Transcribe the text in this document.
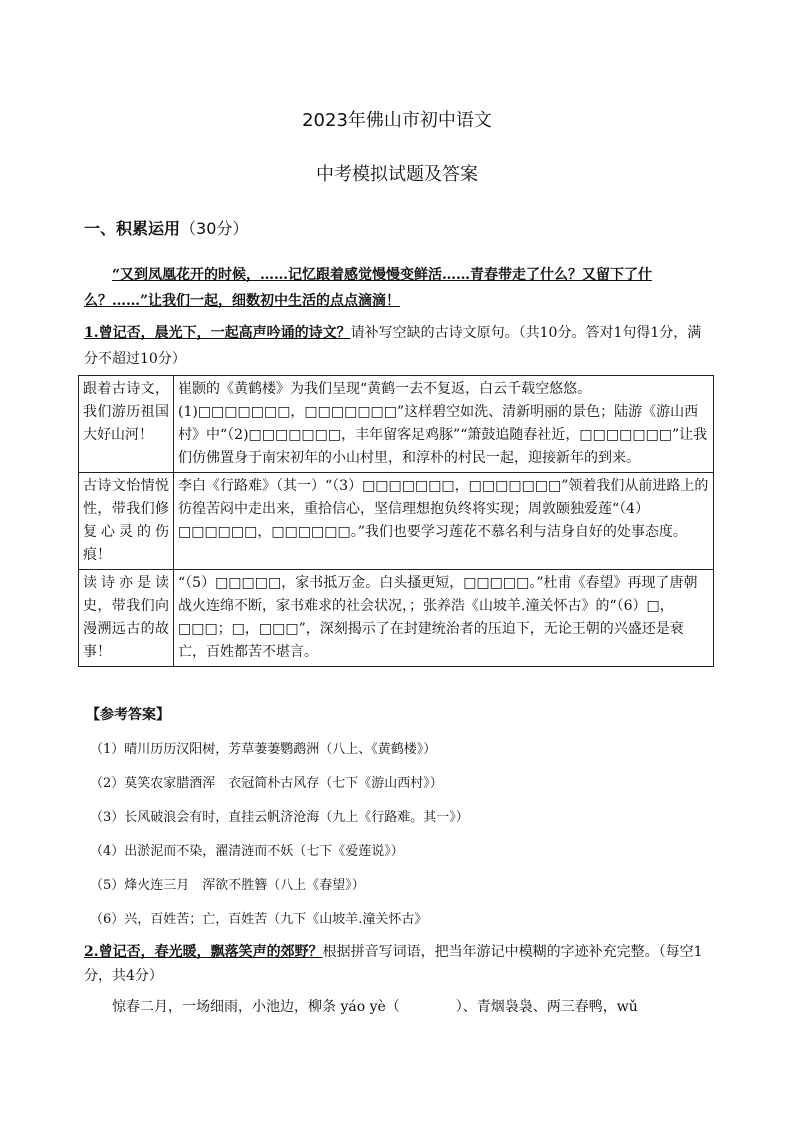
2023年佛山市初中语文
中考模拟试题及答案
一、积累运用（30分）
“又到凤凰花开的时候，……记忆跟着感觉慢慢变鲜活……青春带走了什么？又留下了什么？……”让我们一起，细数初中生活的点点滴滴！
1.曾记否，晨光下，一起高声吟诵的诗文？请补写空缺的古诗文原句。（共10分。答对1句得1分，满分不超过10分）
跟着古诗文，我们游历祖国大好山河！	崔颢的《黄鹤楼》为我们呈现“黄鹤一去不复返，白云千载空悠悠。(1)□□□□□□□，□□□□□□□”这样碧空如洗、清新明丽的景色；陆游《游山西村》中“（2)□□□□□□□，丰年留客足鸡豚”“箫鼓追随春社近，□□□□□□□”让我们仿佛置身于南宋初年的小山村里，和淳朴的村民一起，迎接新年的到来。
古诗文怡情悦性，带我们修复心灵的伤痕！	李白《行路难》（其一）“（3）□□□□□□□，□□□□□□□”领着我们从前进路上的彷徨苦闷中走出来，重拾信心，坚信理想抱负终将实现；周敦颐独爱莲“（4）□□□□□□，□□□□□□。”我们也要学习莲花不慕名利与洁身自好的处事态度。
读诗亦是读史，带我们向漫溯远古的故事！	“（5）□□□□□，家书抵万金。白头搔更短，□□□□□。”杜甫《春望》再现了唐朝战火连绵不断，家书难求的社会状况，；张养浩《山坡羊.潼关怀古》的“（6）□，□□□；□，□□□”，深刻揭示了在封建统治者的压迫下，无论王朝的兴盛还是衰亡，百姓都苦不堪言。
【参考答案】
（1）晴川历历汉阳树，芳草萋萋鹦鹉洲（八上、《黄鹤楼》）
（2）莫笑农家腊酒浑　衣冠简朴古风存（七下《游山西村》）
（3）长风破浪会有时，直挂云帆济沧海（九上《行路难。其一》）
（4）出淤泥而不染，濯清涟而不妖（七下《爱莲说》）
（5）烽火连三月　浑欲不胜簪（八上《春望》）
（6）兴，百姓苦；亡，百姓苦（九下《山坡羊.潼关怀古》
2.曾记否，春光暖，飘落笑声的郊野？根据拼音写词语，把当年游记中模糊的字迹补充完整。（每空1分，共4分）
惊春二月，一场细雨，小池边，柳条 yáo yè（　　　　）、青烟袅袅、两三春鸭，wǔ
